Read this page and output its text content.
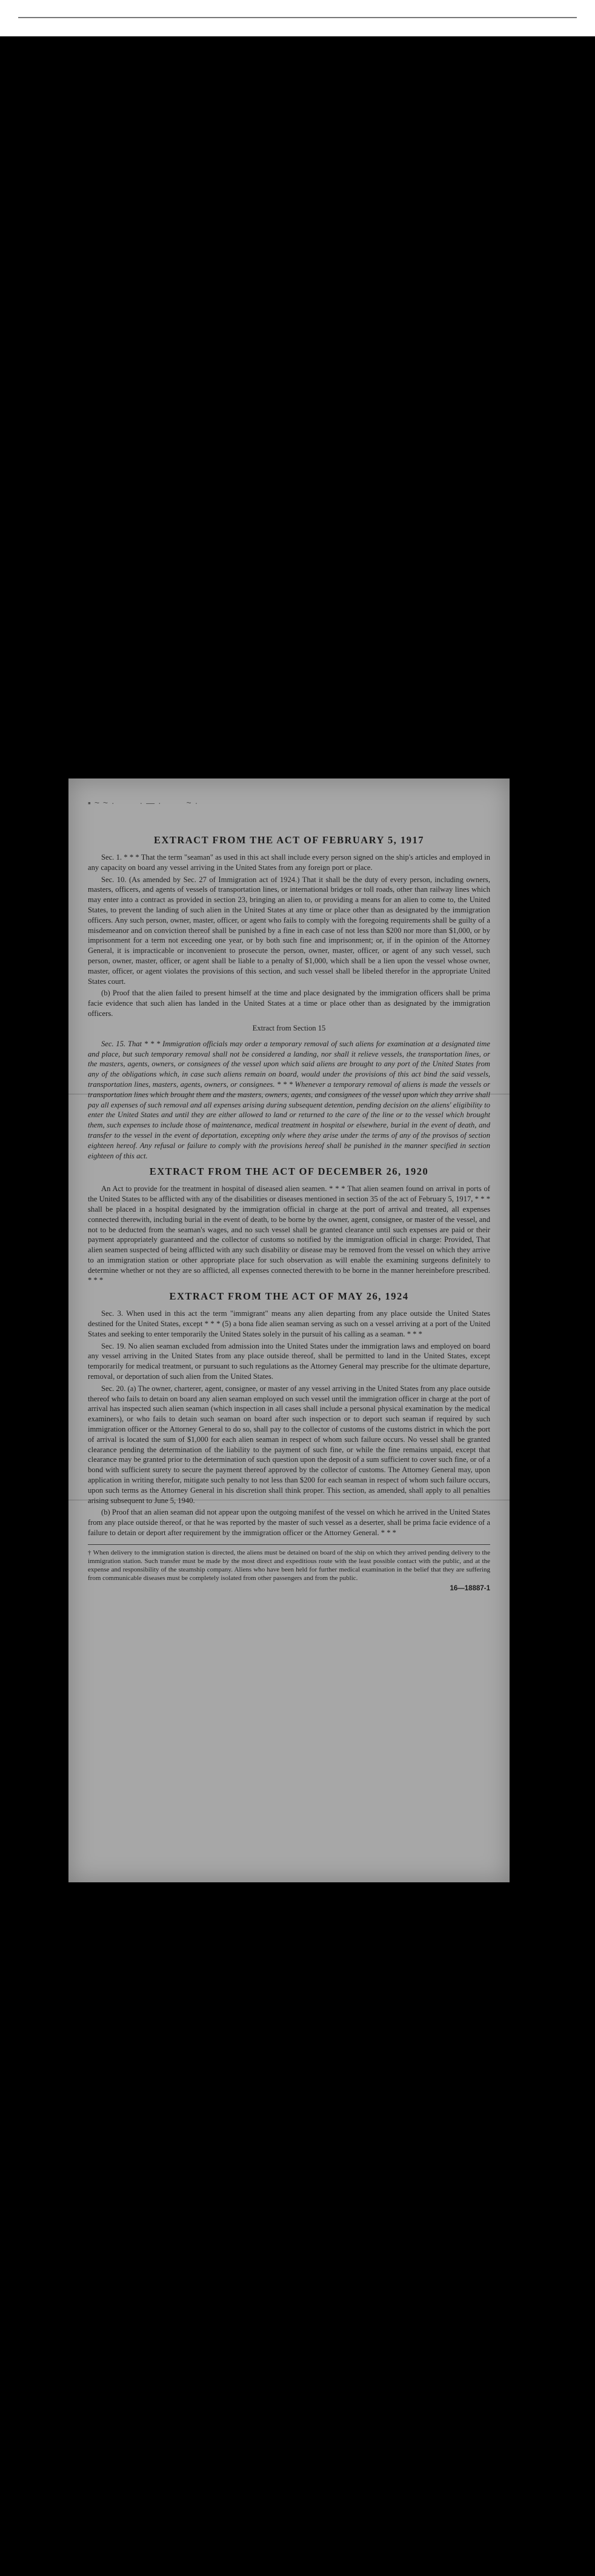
▪︎ ~ ~ ·	· — ·	~ ·
EXTRACT FROM THE ACT OF FEBRUARY 5, 1917

Sec. 1. * * * That the term "seaman" as used in this act shall include every person signed on the ship's articles and employed in any capacity on board any vessel arriving in the United States from any foreign port or place.

Sec. 10. (As amended by Sec. 27 of Immigration act of 1924.) That it shall be the duty of every person, including owners, masters, officers, and agents of vessels of transportation lines, or international bridges or toll roads, other than railway lines which may enter into a contract as provided in section 23, bringing an alien to, or providing a means for an alien to come to, the United States, to prevent the landing of such alien in the United States at any time or place other than as designated by the immigration officers. Any such person, owner, master, officer, or agent who fails to comply with the foregoing requirements shall be guilty of a misdemeanor and on conviction thereof shall be punished by a fine in each case of not less than $200 nor more than $1,000, or by imprisonment for a term not exceeding one year, or by both such fine and imprisonment; or, if in the opinion of the Attorney General, it is impracticable or inconvenient to prosecute the person, owner, master, officer, or agent of any such vessel, such person, owner, master, officer, or agent shall be liable to a penalty of $1,000, which shall be a lien upon the vessel whose owner, master, officer, or agent violates the provisions of this section, and such vessel shall be libeled therefor in the appropriate United States court.

(b) Proof that the alien failed to present himself at the time and place designated by the immigration officers shall be prima facie evidence that such alien has landed in the United States at a time or place other than as designated by the immigration officers.

Extract from Section 15

Sec. 15. That * * * Immigration officials may order a temporary removal of such aliens for examination at a designated time and place, but such temporary removal shall not be considered a landing, nor shall it relieve vessels, the transportation lines, or the masters, agents, owners, or consignees of the vessel upon which said aliens are brought to any port of the United States from any of the obligations which, in case such aliens remain on board, would under the provisions of this act bind the said vessels, transportation lines, masters, agents, owners, or consignees. * * * Whenever a temporary removal of aliens is made the vessels or transportation lines which brought them and the masters, owners, agents, and consignees of the vessel upon which they arrive shall pay all expenses of such removal and all expenses arising during subsequent detention, pending decision on the aliens' eligibility to enter the United States and until they are either allowed to land or returned to the care of the line or to the vessel which brought them, such expenses to include those of maintenance, medical treatment in hospital or elsewhere, burial in the event of death, and transfer to the vessel in the event of deportation, excepting only where they arise under the terms of any of the provisos of section eighteen hereof. Any refusal or failure to comply with the provisions hereof shall be punished in the manner specified in section eighteen of this act.

EXTRACT FROM THE ACT OF DECEMBER 26, 1920

An Act to provide for the treatment in hospital of diseased alien seamen. * * * That alien seamen found on arrival in ports of the United States to be afflicted with any of the disabilities or diseases mentioned in section 35 of the act of February 5, 1917, * * * shall be placed in a hospital designated by the immigration official in charge at the port of arrival and treated, all expenses connected therewith, including burial in the event of death, to be borne by the owner, agent, consignee, or master of the vessel, and not to be deducted from the seaman's wages, and no such vessel shall be granted clearance until such expenses are paid or their payment appropriately guaranteed and the collector of customs so notified by the immigration official in charge: Provided, That alien seamen suspected of being afflicted with any such disability or disease may be removed from the vessel on which they arrive to an immigration station or other appropriate place for such observation as will enable the examining surgeons definitely to determine whether or not they are so afflicted, all expenses connected therewith to be borne in the manner hereinbefore prescribed. * * *

EXTRACT FROM THE ACT OF MAY 26, 1924

Sec. 3. When used in this act the term "immigrant" means any alien departing from any place outside the United States destined for the United States, except * * * (5) a bona fide alien seaman serving as such on a vessel arriving at a port of the United States and seeking to enter temporarily the United States solely in the pursuit of his calling as a seaman. * * *

Sec. 19. No alien seaman excluded from admission into the United States under the immigration laws and employed on board any vessel arriving in the United States from any place outside thereof, shall be permitted to land in the United States, except temporarily for medical treatment, or pursuant to such regulations as the Attorney General may prescribe for the ultimate departure, removal, or deportation of such alien from the United States.

Sec. 20. (a) The owner, charterer, agent, consignee, or master of any vessel arriving in the United States from any place outside thereof who fails to detain on board any alien seaman employed on such vessel until the immigration officer in charge at the port of arrival has inspected such alien seaman (which inspection in all cases shall include a personal physical examination by the medical examiners), or who fails to detain such seaman on board after such inspection or to deport such seaman if required by such immigration officer or the Attorney General to do so, shall pay to the collector of customs of the customs district in which the port of arrival is located the sum of $1,000 for each alien seaman in respect of whom such failure occurs. No vessel shall be granted clearance pending the determination of the liability to the payment of such fine, or while the fine remains unpaid, except that clearance may be granted prior to the determination of such question upon the deposit of a sum sufficient to cover such fine, or of a bond with sufficient surety to secure the payment thereof approved by the collector of customs. The Attorney General may, upon application in writing therefor, mitigate such penalty to not less than $200 for each seaman in respect of whom such failure occurs, upon such terms as the Attorney General in his discretion shall think proper. This section, as amended, shall apply to all penalties arising subsequent to June 5, 1940.

(b) Proof that an alien seaman did not appear upon the outgoing manifest of the vessel on which he arrived in the United States from any place outside thereof, or that he was reported by the master of such vessel as a deserter, shall be prima facie evidence of a failure to detain or deport after requirement by the immigration officer or the Attorney General. * * *

† When delivery to the immigration station is directed, the aliens must be detained on board of the ship on which they arrived pending delivery to the immigration station. Such transfer must be made by the most direct and expeditious route with the least possible contact with the public, and at the expense and responsibility of the steamship company. Aliens who have been held for further medical examination in the belief that they are suffering from communicable diseases must be completely isolated from other passengers and from the public.

16—18887-1
